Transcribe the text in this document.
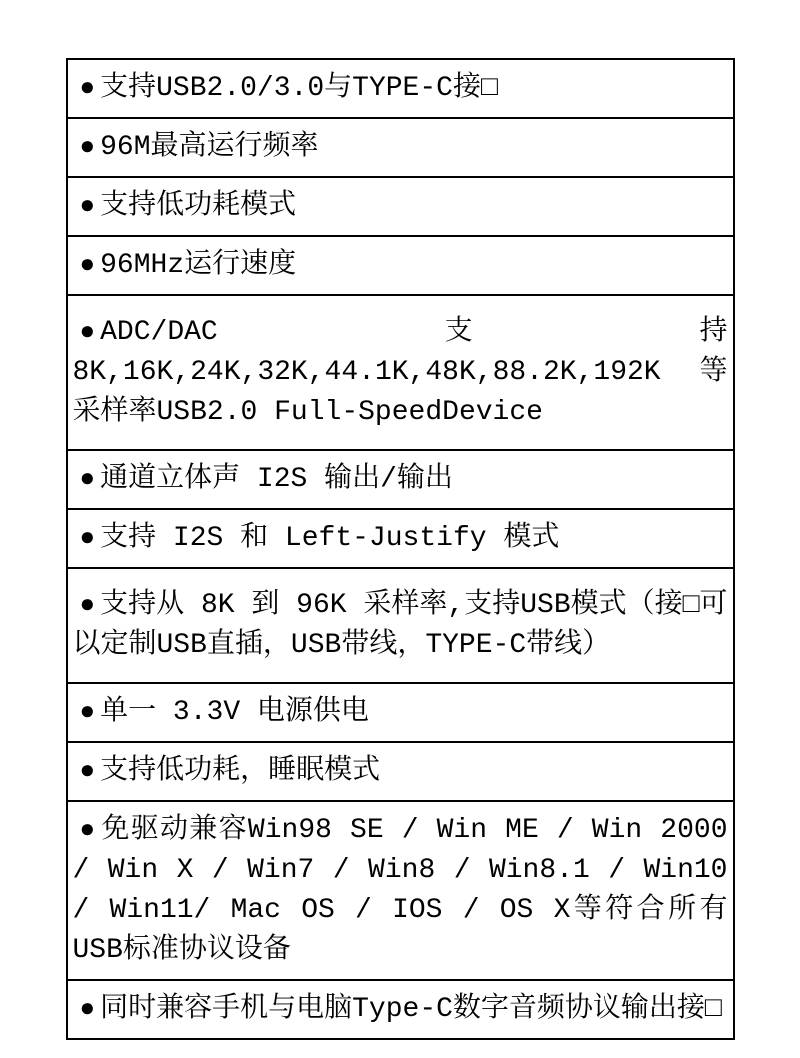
● 支持USB2.0/3.0与TYPE-C接□

● 96M最高运行频率

● 支持低功耗模式

● 96MHz运行速度

● ADC/DAC支持8K,16K,24K,32K,44.1K,48K,88.2K,192K 等采样率USB2.0 Full-SpeedDevice

● 通道立体声 I2S 输出/输出

● 支持 I2S 和 Left-Justify 模式

● 支持从 8K 到 96K 采样率,支持USB模式（接□可以定制USB直插，USB带线，TYPE-C带线）

● 单一 3.3V 电源供电

● 支持低功耗，睡眠模式

● 免驱动兼容Win98 SE / Win ME / Win 2000 / Win X / Win7 / Win8 / Win8.1 / Win10 / Win11/ Mac OS / IOS / OS X等符合所有USB标准协议设备

● 同时兼容手机与电脑Type-C数字音频协议输出接□
